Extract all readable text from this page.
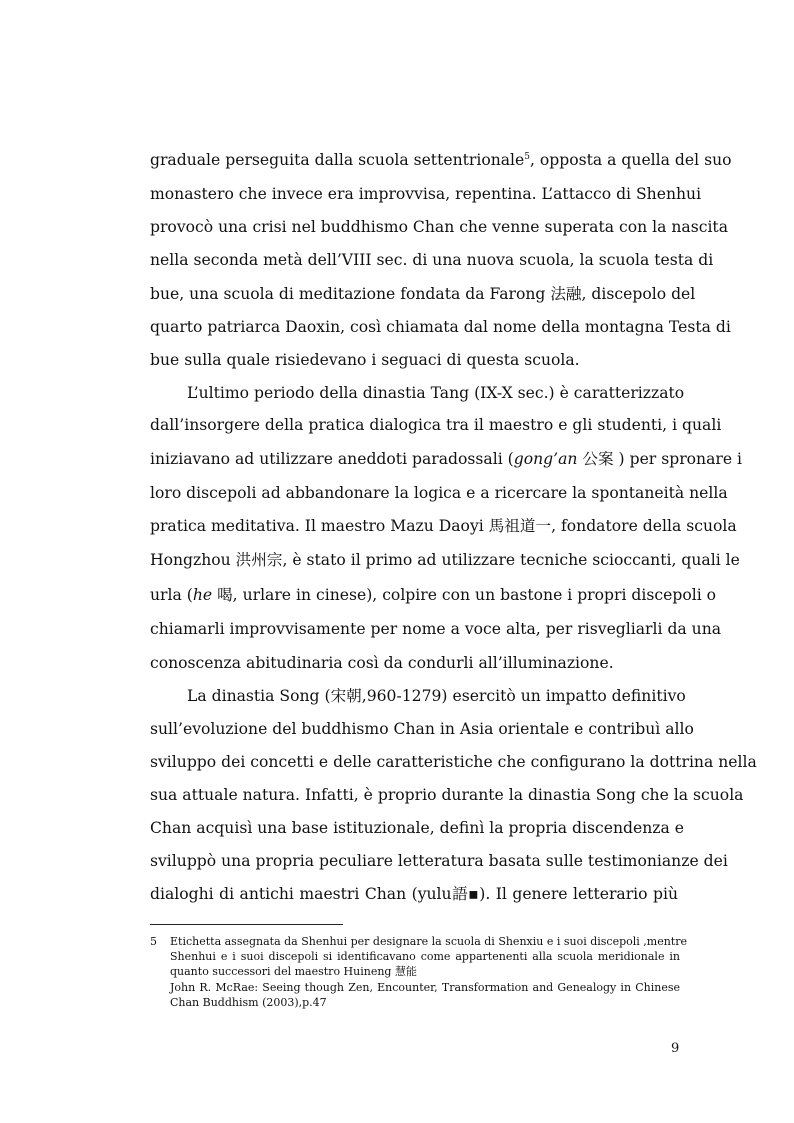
graduale perseguita dalla scuola settentrionale$^5$, opposta a quella del suo
monastero che invece era improvvisa, repentina. L’attacco di Shenhui
provocò una crisi nel buddhismo Chan che venne superata con la nascita
nella seconda metà dell’VIII sec. di una nuova scuola, la scuola testa di
bue, una scuola di meditazione fondata da Farong 法融, discepolo del
quarto patriarca Daoxin, così chiamata dal nome della montagna Testa di
bue sulla quale risiedevano i seguaci di questa scuola.
L’ultimo periodo della dinastia Tang (IX-X sec.) è caratterizzato
dall’insorgere della pratica dialogica tra il maestro e gli studenti, i quali
iniziavano ad utilizzare aneddoti paradossali (gong’an 公案 ) per spronare i
loro discepoli ad abbandonare la logica e a ricercare la spontaneità nella
pratica meditativa. Il maestro Mazu Daoyi 馬祖道一, fondatore della scuola
Hongzhou 洪州宗, è stato il primo ad utilizzare tecniche scioccanti, quali le
urla (he 喝, urlare in cinese), colpire con un bastone i propri discepoli o
chiamarli improvvisamente per nome a voce alta, per risvegliarli da una
conoscenza abitudinaria così da condurli all’illuminazione.
La dinastia Song (宋朝,960-1279) esercitò un impatto definitivo
sull’evoluzione del buddhismo Chan in Asia orientale e contribuì allo
sviluppo dei concetti e delle caratteristiche che configurano la dottrina nella
sua attuale natura. Infatti, è proprio durante la dinastia Song che la scuola
Chan acquisì una base istituzionale, definì la propria discendenza e
sviluppò una propria peculiare letteratura basata sulle testimonianze dei
dialoghi di antichi maestri Chan (yulu語▪). Il genere letterario più
5 Etichetta assegnata da Shenhui per designare la scuola di Shenxiu e i suoi discepoli ,mentre
Shenhui e i suoi discepoli si identificavano come appartenenti alla scuola meridionale in
quanto successori del maestro Huineng 慧能
John R. McRae: Seeing though Zen, Encounter, Transformation and Genealogy in Chinese
Chan Buddhism (2003),p.47
9
